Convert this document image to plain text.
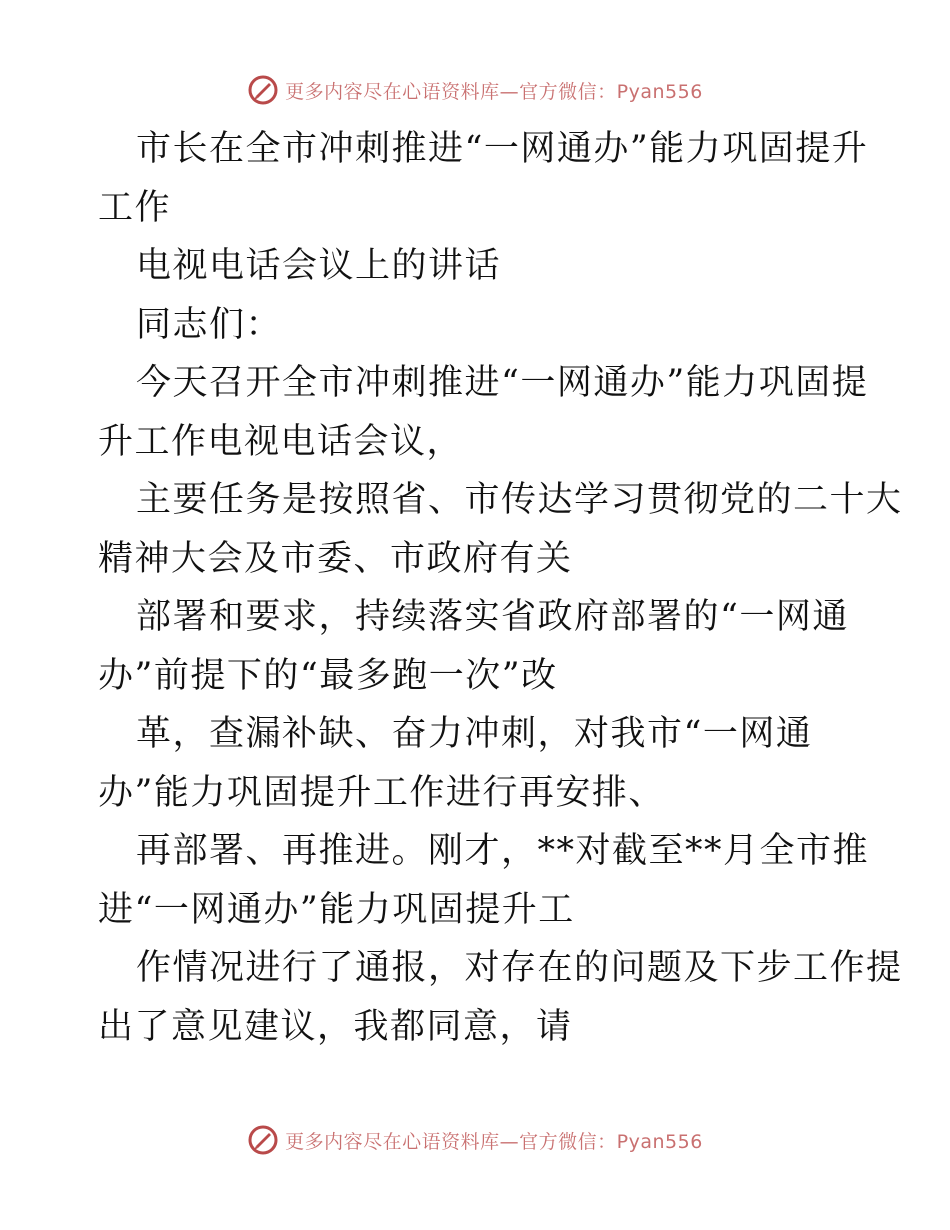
更多内容尽在心语资料库—官方微信：Pyan556
市长在全市冲刺推进“一网通办”能力巩固提升
工作
电视电话会议上的讲话
同志们：
今天召开全市冲刺推进“一网通办”能力巩固提
升工作电视电话会议，
主要任务是按照省、市传达学习贯彻党的二十大
精神大会及市委、市政府有关
部署和要求，持续落实省政府部署的“一网通
办”前提下的“最多跑一次”改
革，查漏补缺、奋力冲刺，对我市“一网通
办”能力巩固提升工作进行再安排、
再部署、再推进。刚才，**对截至**月全市推
进“一网通办”能力巩固提升工
作情况进行了通报，对存在的问题及下步工作提
出了意见建议，我都同意，请
更多内容尽在心语资料库—官方微信：Pyan556
